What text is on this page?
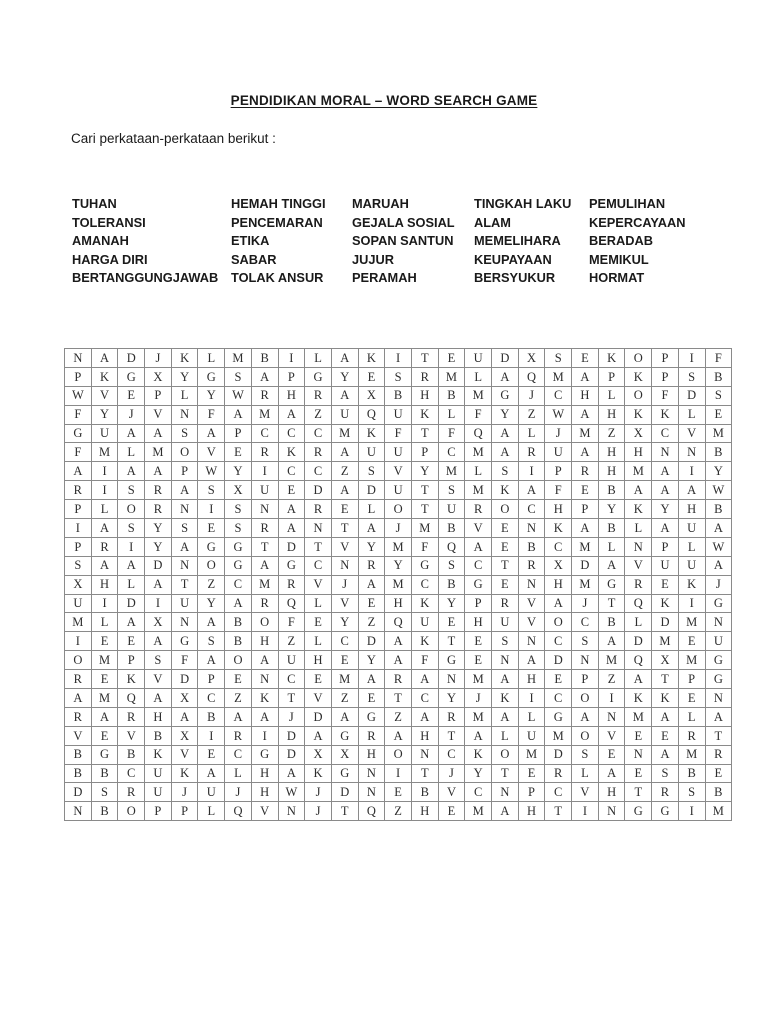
PENDIDIKAN MORAL – WORD SEARCH GAME

Cari perkataan-perkataan berikut :

TUHAN
TOLERANSI
AMANAH
HARGA DIRI
BERTANGGUNGJAWAB
HEMAH TINGGI
PENCEMARAN
ETIKA
SABAR
TOLAK ANSUR
MARUAH
GEJALA SOSIAL
SOPAN SANTUN
JUJUR
PERAMAH
TINGKAH LAKU
ALAM
MEMELIHARA
KEUPAYAAN
BERSYUKUR
PEMULIHAN
KEPERCAYAAN
BERADAB
MEMIKUL
HORMAT
N	A	D	J	K	L	M	B	I	L	A	K	I	T	E	U	D	X	S	E	K	O	P	I	F
P	K	G	X	Y	G	S	A	P	G	Y	E	S	R	M	L	A	Q	M	A	P	K	P	S	B
W	V	E	P	L	Y	W	R	H	R	A	X	B	H	B	M	G	J	C	H	L	O	F	D	S
F	Y	J	V	N	F	A	M	A	Z	U	Q	U	K	L	F	Y	Z	W	A	H	K	K	L	E
G	U	A	A	S	A	P	C	C	C	M	K	F	T	F	Q	A	L	J	M	Z	X	C	V	M
F	M	L	M	O	V	E	R	K	R	A	U	U	P	C	M	A	R	U	A	H	H	N	N	B
A	I	A	A	P	W	Y	I	C	C	Z	S	V	Y	M	L	S	I	P	R	H	M	A	I	Y
R	I	S	R	A	S	X	U	E	D	A	D	U	T	S	M	K	A	F	E	B	A	A	A	W
P	L	O	R	N	I	S	N	A	R	E	L	O	T	U	R	O	C	H	P	Y	K	Y	H	B
I	A	S	Y	S	E	S	R	A	N	T	A	J	M	B	V	E	N	K	A	B	L	A	U	A
P	R	I	Y	A	G	G	T	D	T	V	Y	M	F	Q	A	E	B	C	M	L	N	P	L	W
S	A	A	D	N	O	G	A	G	C	N	R	Y	G	S	C	T	R	X	D	A	V	U	U	A
X	H	L	A	T	Z	C	M	R	V	J	A	M	C	B	G	E	N	H	M	G	R	E	K	J
U	I	D	I	U	Y	A	R	Q	L	V	E	H	K	Y	P	R	V	A	J	T	Q	K	I	G
M	L	A	X	N	A	B	O	F	E	Y	Z	Q	U	E	H	U	V	O	C	B	L	D	M	N
I	E	E	A	G	S	B	H	Z	L	C	D	A	K	T	E	S	N	C	S	A	D	M	E	U
O	M	P	S	F	A	O	A	U	H	E	Y	A	F	G	E	N	A	D	N	M	Q	X	M	G
R	E	K	V	D	P	E	N	C	E	M	A	R	A	N	M	A	H	E	P	Z	A	T	P	G
A	M	Q	A	X	C	Z	K	T	V	Z	E	T	C	Y	J	K	I	C	O	I	K	K	E	N
R	A	R	H	A	B	A	A	J	D	A	G	Z	A	R	M	A	L	G	A	N	M	A	L	A
V	E	V	B	X	I	R	I	D	A	G	R	A	H	T	A	L	U	M	O	V	E	E	R	T
B	G	B	K	V	E	C	G	D	X	X	H	O	N	C	K	O	M	D	S	E	N	A	M	R
B	B	C	U	K	A	L	H	A	K	G	N	I	T	J	Y	T	E	R	L	A	E	S	B	E
D	S	R	U	J	U	J	H	W	J	D	N	E	B	V	C	N	P	C	V	H	T	R	S	B
N	B	O	P	P	L	Q	V	N	J	T	Q	Z	H	E	M	A	H	T	I	N	G	G	I	M
